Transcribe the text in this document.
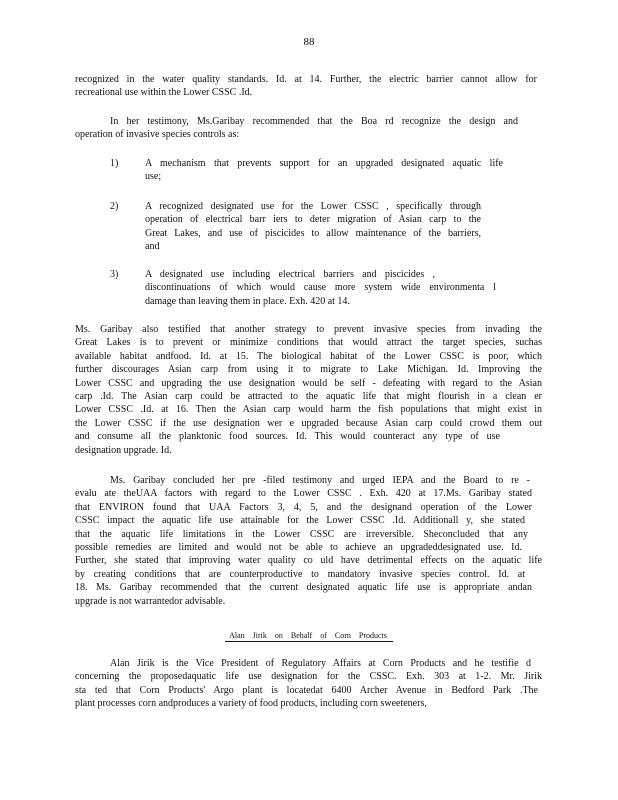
88
recognized in the water quality standards. Id. at 14. Further, the electric barrier cannot allow for
recreational use within the Lower CSSC .Id.
In her testimony, Ms.Garibay recommended that the Boa rd recognize the design and
operation of invasive species controls as:
1)	A mechanism that prevents support for an upgraded designated aquatic life
use;
2)	A recognized designated use for the Lower CSSC , specifically through
operation of electrical barr iers to deter migration of Asian carp to the
Great Lakes, and use of piscicides to allow maintenance of the barriers,
and
3)	A designated use including electrical barriers and piscicides ,
discontinuations of which would cause more system wide environmenta l
damage than leaving them in place. Exh. 420 at 14.
Ms. Garibay also testified that another strategy to prevent invasive species from invading the
Great Lakes is to prevent or minimize conditions that would attract the target species, suchas
available habitat andfood. Id. at 15. The biological habitat of the Lower CSSC is poor, which
further discourages Asian carp from using it to migrate to Lake Michigan. Id. Improving the
Lower CSSC and upgrading the use designation would be self - defeating with regard to the Asian
carp .Id. The Asian carp could be attracted to the aquatic life that might flourish in a clean er
Lower CSSC .Id. at 16. Then the Asian carp would harm the fish populations that might exist in
the Lower CSSC if the use designation wer e upgraded because Asian carp could crowd them out
and consume all the planktonic food sources. Id. This would counteract any type of use
designation upgrade. Id.
Ms. Garibay concluded her pre -filed testimony and urged IEPA and the Board to re -
evalu ate theUAA factors with regard to the Lower CSSC . Exh. 420 at 17.Ms. Garibay stated
that ENVIRON found that UAA Factors 3, 4, 5, and the designand operation of the Lower
CSSC impact the aquatic life use attainable for the Lower CSSC .Id. Additionall y, she stated
that the aquatic life limitations in the Lower CSSC are irreversible. Sheconcluded that any
possible remedies are limited and would not be able to achieve an upgradeddesignated use. Id.
Further, she stated that improving water quality co uld have detrimental effects on the aquatic life
by creating conditions that are counterproductive to mandatory invasive species control. Id. at
18. Ms. Garibay recommended that the current designated aquatic life use is appropriate andan
upgrade is not warrantedor advisable.
Alan Jirik on Behalf of Corn Products
Alan Jirik is the Vice President of Regulatory Affairs at Corn Products and he testifie d
concerning the proposedaquatic life use designation for the CSSC. Exh. 303 at 1-2. Mr. Jirik
sta ted that Corn Products' Argo plant is locatedat 6400 Archer Avenue in Bedford Park .The
plant processes corn andproduces a variety of food products, including corn sweeteners,
